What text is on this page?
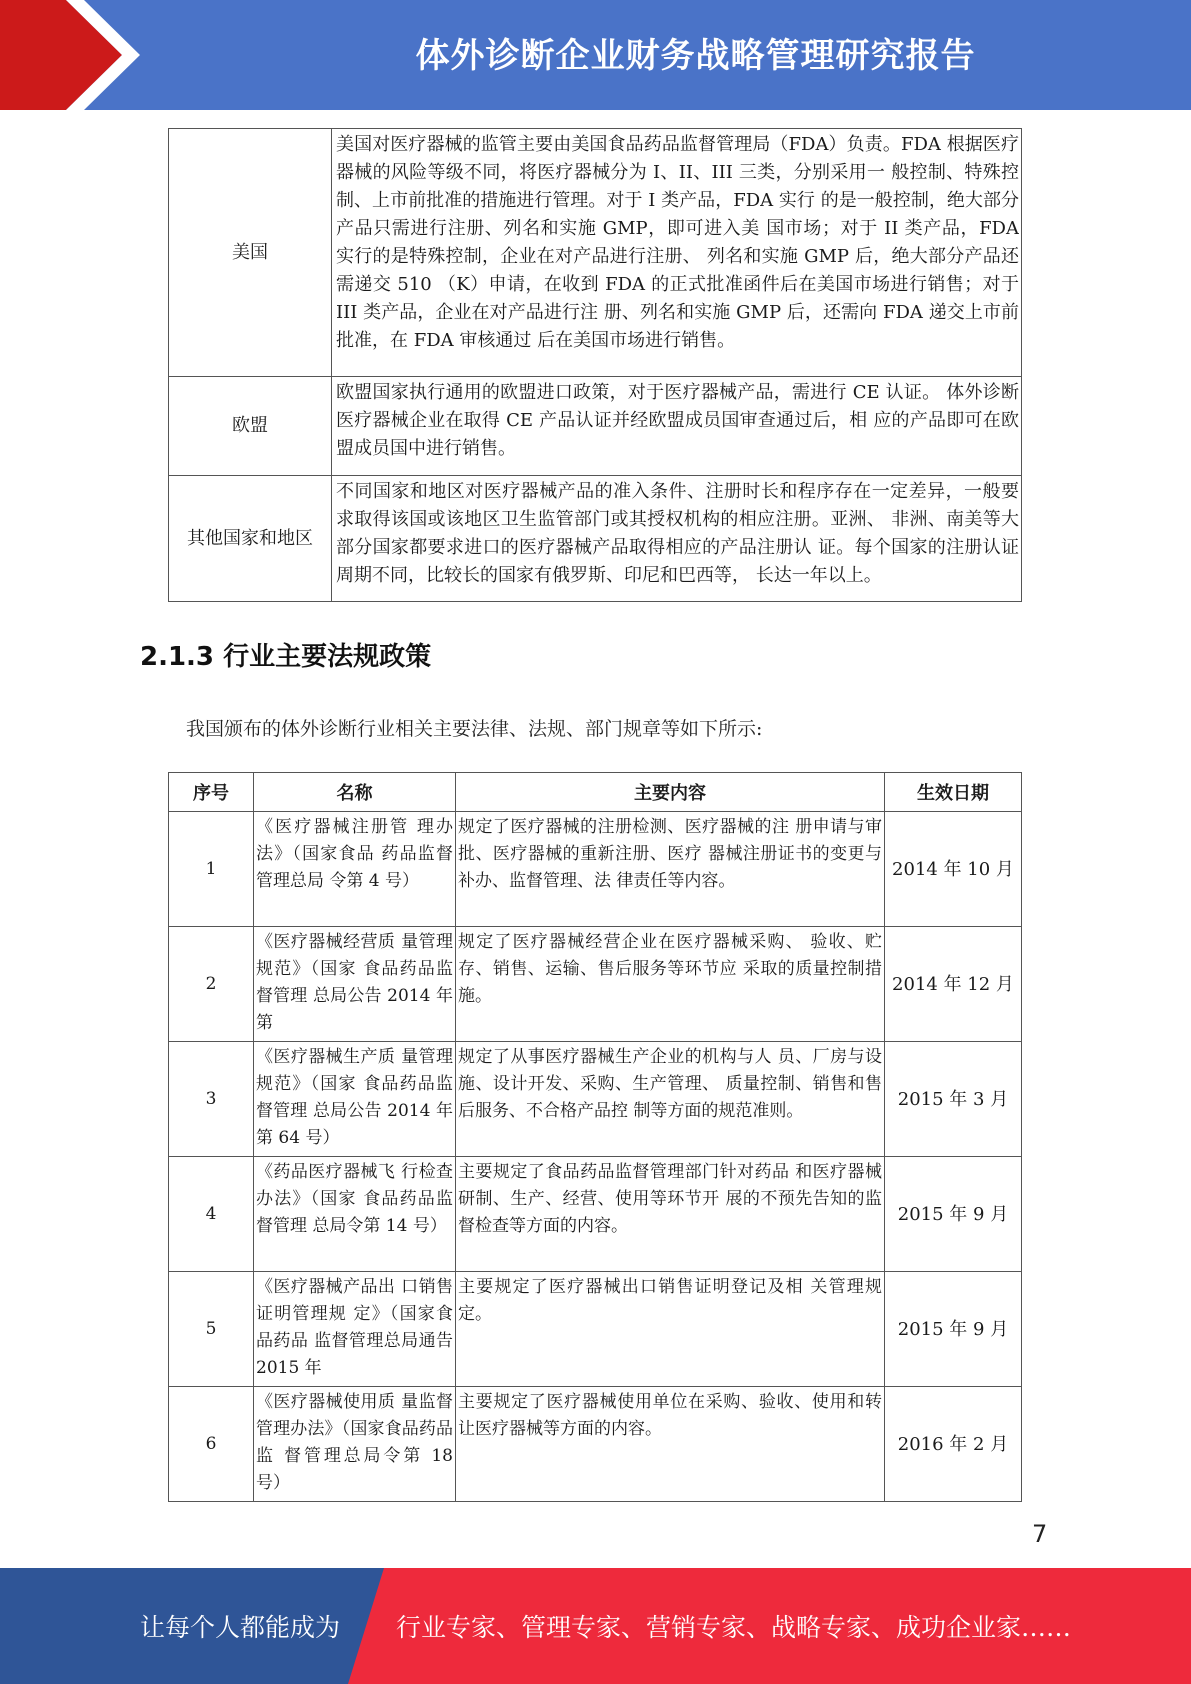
体外诊断企业财务战略管理研究报告
美国	美国对医疗器械的监管主要由美国食品药品监督管理局（FDA）负责。FDA 根据医疗器械的风险等级不同，将医疗器械分为 I、II、III 三类，分别采用一 般控制、特殊控制、上市前批准的措施进行管理。对于 I 类产品，FDA 实行 的是一般控制，绝大部分产品只需进行注册、列名和实施 GMP，即可进入美 国市场；对于 II 类产品，FDA 实行的是特殊控制，企业在对产品进行注册、 列名和实施 GMP 后，绝大部分产品还需递交 510 （K）申请，在收到 FDA 的正式批准函件后在美国市场进行销售；对于 III 类产品，企业在对产品进行注 册、列名和实施 GMP 后，还需向 FDA 递交上市前批准，在 FDA 审核通过 后在美国市场进行销售。

欧盟	欧盟国家执行通用的欧盟进口政策，对于医疗器械产品，需进行 CE 认证。 体外诊断医疗器械企业在取得 CE 产品认证并经欧盟成员国审查通过后，相 应的产品即可在欧盟成员国中进行销售。

其他国家和地区	不同国家和地区对医疗器械产品的准入条件、注册时长和程序存在一定差异，一般要求取得该国或该地区卫生监管部门或其授权机构的相应注册。亚洲、 非洲、南美等大部分国家都要求进口的医疗器械产品取得相应的产品注册认 证。每个国家的注册认证周期不同，比较长的国家有俄罗斯、印尼和巴西等， 长达一年以上。
2.1.3 行业主要法规政策
我国颁布的体外诊断行业相关主要法律、法规、部门规章等如下所示:
序号	名称	主要内容	生效日期
1	《医疗器械注册管 理办法》（国家食品 药品监督管理总局 令第 4 号）	规定了医疗器械的注册检测、医疗器械的注 册申请与审批、医疗器械的重新注册、医疗 器械注册证书的变更与补办、监督管理、法 律责任等内容。	2014 年 10 月
2	《医疗器械经营质 量管理规范》（国家 食品药品监督管理 总局公告 2014 年第	规定了医疗器械经营企业在医疗器械采购、 验收、贮存、销售、运输、售后服务等环节应 采取的质量控制措施。	2014 年 12 月
3	《医疗器械生产质 量管理规范》（国家 食品药品监督管理 总局公告 2014 年第 64 号）	规定了从事医疗器械生产企业的机构与人 员、厂房与设施、设计开发、采购、生产管理、 质量控制、销售和售后服务、不合格产品控 制等方面的规范准则。	2015 年 3 月
4	《药品医疗器械飞 行检查办法》（国家 食品药品监督管理 总局令第 14 号）	主要规定了食品药品监督管理部门针对药品 和医疗器械研制、生产、经营、使用等环节开 展的不预先告知的监督检查等方面的内容。	2015 年 9 月
5	《医疗器械产品出 口销售证明管理规 定》（国家食品药品 监督管理总局通告 2015 年	主要规定了医疗器械出口销售证明登记及相 关管理规定。	2015 年 9 月
6	《医疗器械使用质 量监督管理办法》（国家食品药品监 督管理总局令第 18 号）	主要规定了医疗器械使用单位在采购、验收、使用和转让医疗器械等方面的内容。	2016 年 2 月
7
让每个人都能成为 行业专家、管理专家、营销专家、战略专家、成功企业家……
